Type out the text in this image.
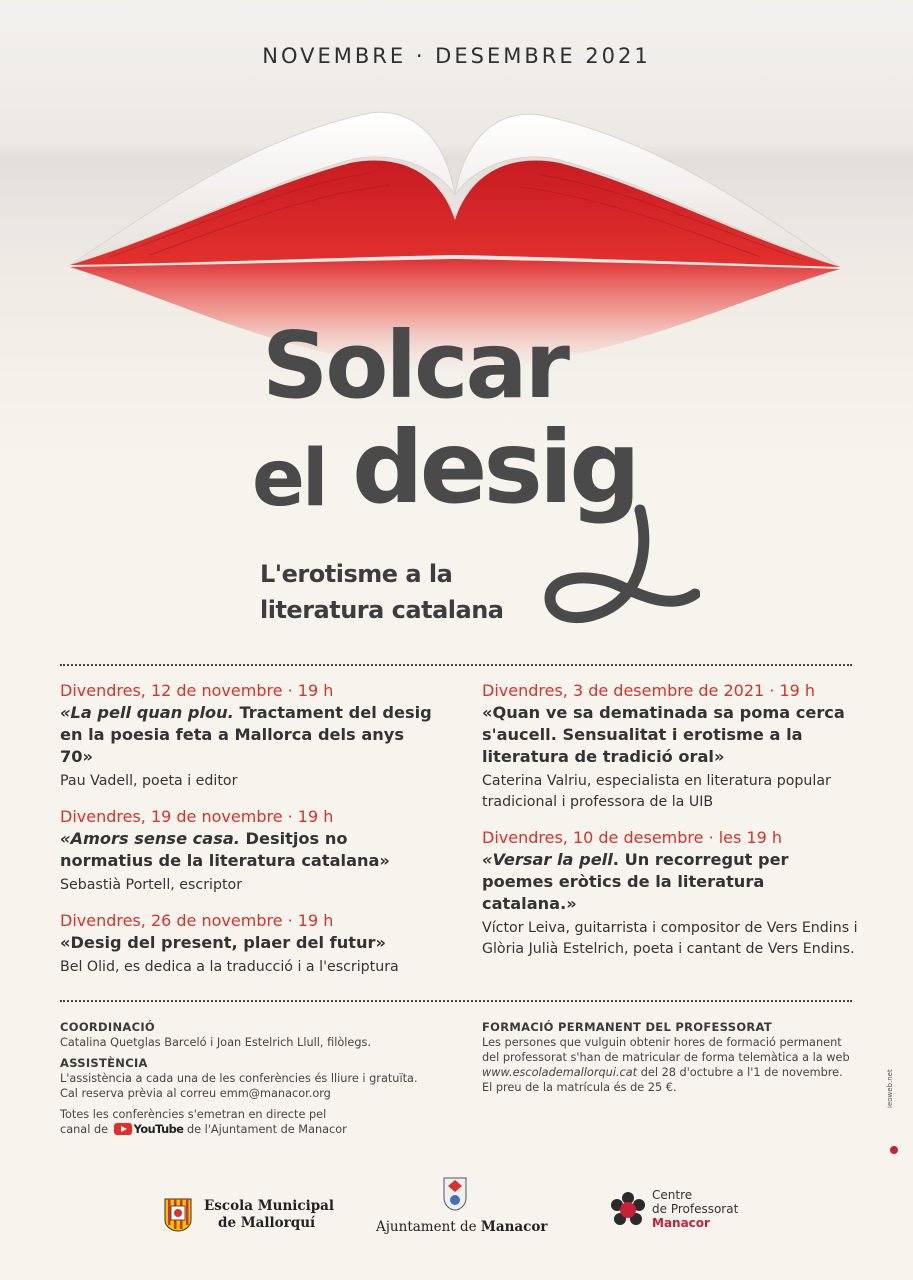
NOVEMBRE · DESEMBRE 2021
Solcar
el desig
L'erotisme a la
literatura catalana
Divendres, 12 de novembre · 19 h
«La pell quan plou. Tractament del desig en la poesia feta a Mallorca dels anys 70»
Pau Vadell, poeta i editor
Divendres, 19 de novembre · 19 h
«Amors sense casa. Desitjos no normatius de la literatura catalana»
Sebastià Portell, escriptor
Divendres, 26 de novembre · 19 h
«Desig del present, plaer del futur»
Bel Olid, es dedica a la traducció i a l'escriptura
Divendres, 3 de desembre de 2021 · 19 h
«Quan ve sa dematinada sa poma cerca s'aucell. Sensualitat i erotisme a la literatura de tradició oral»
Caterina Valriu, especialista en literatura popular tradicional i professora de la UIB
Divendres, 10 de desembre · les 19 h
«Versar la pell. Un recorregut per poemes eròtics de la literatura catalana.»
Víctor Leiva, guitarrista i compositor de Vers Endins i Glòria Julià Estelrich, poeta i cantant de Vers Endins.
COORDINACIÓ
Catalina Quetglas Barceló i Joan Estelrich Llull, filòlegs.
ASSISTÈNCIA
L'assistència a cada una de les conferències és lliure i gratuïta.
Cal reserva prèvia al correu emm@manacor.org
Totes les conferències s'emetran en directe pel
canal de YouTube de l'Ajuntament de Manacor
FORMACIÓ PERMANENT DEL PROFESSORAT
Les persones que vulguin obtenir hores de formació permanent del professorat s'han de matricular de forma telemàtica a la web
www.escolademallorqui.cat del 28 d'octubre a l'1 de novembre.
El preu de la matrícula és de 25 €.
Escola Municipal
de Mallorquí	Ajuntament de Manacor
Centre
de Professorat
Manacor
ieoweb.net
